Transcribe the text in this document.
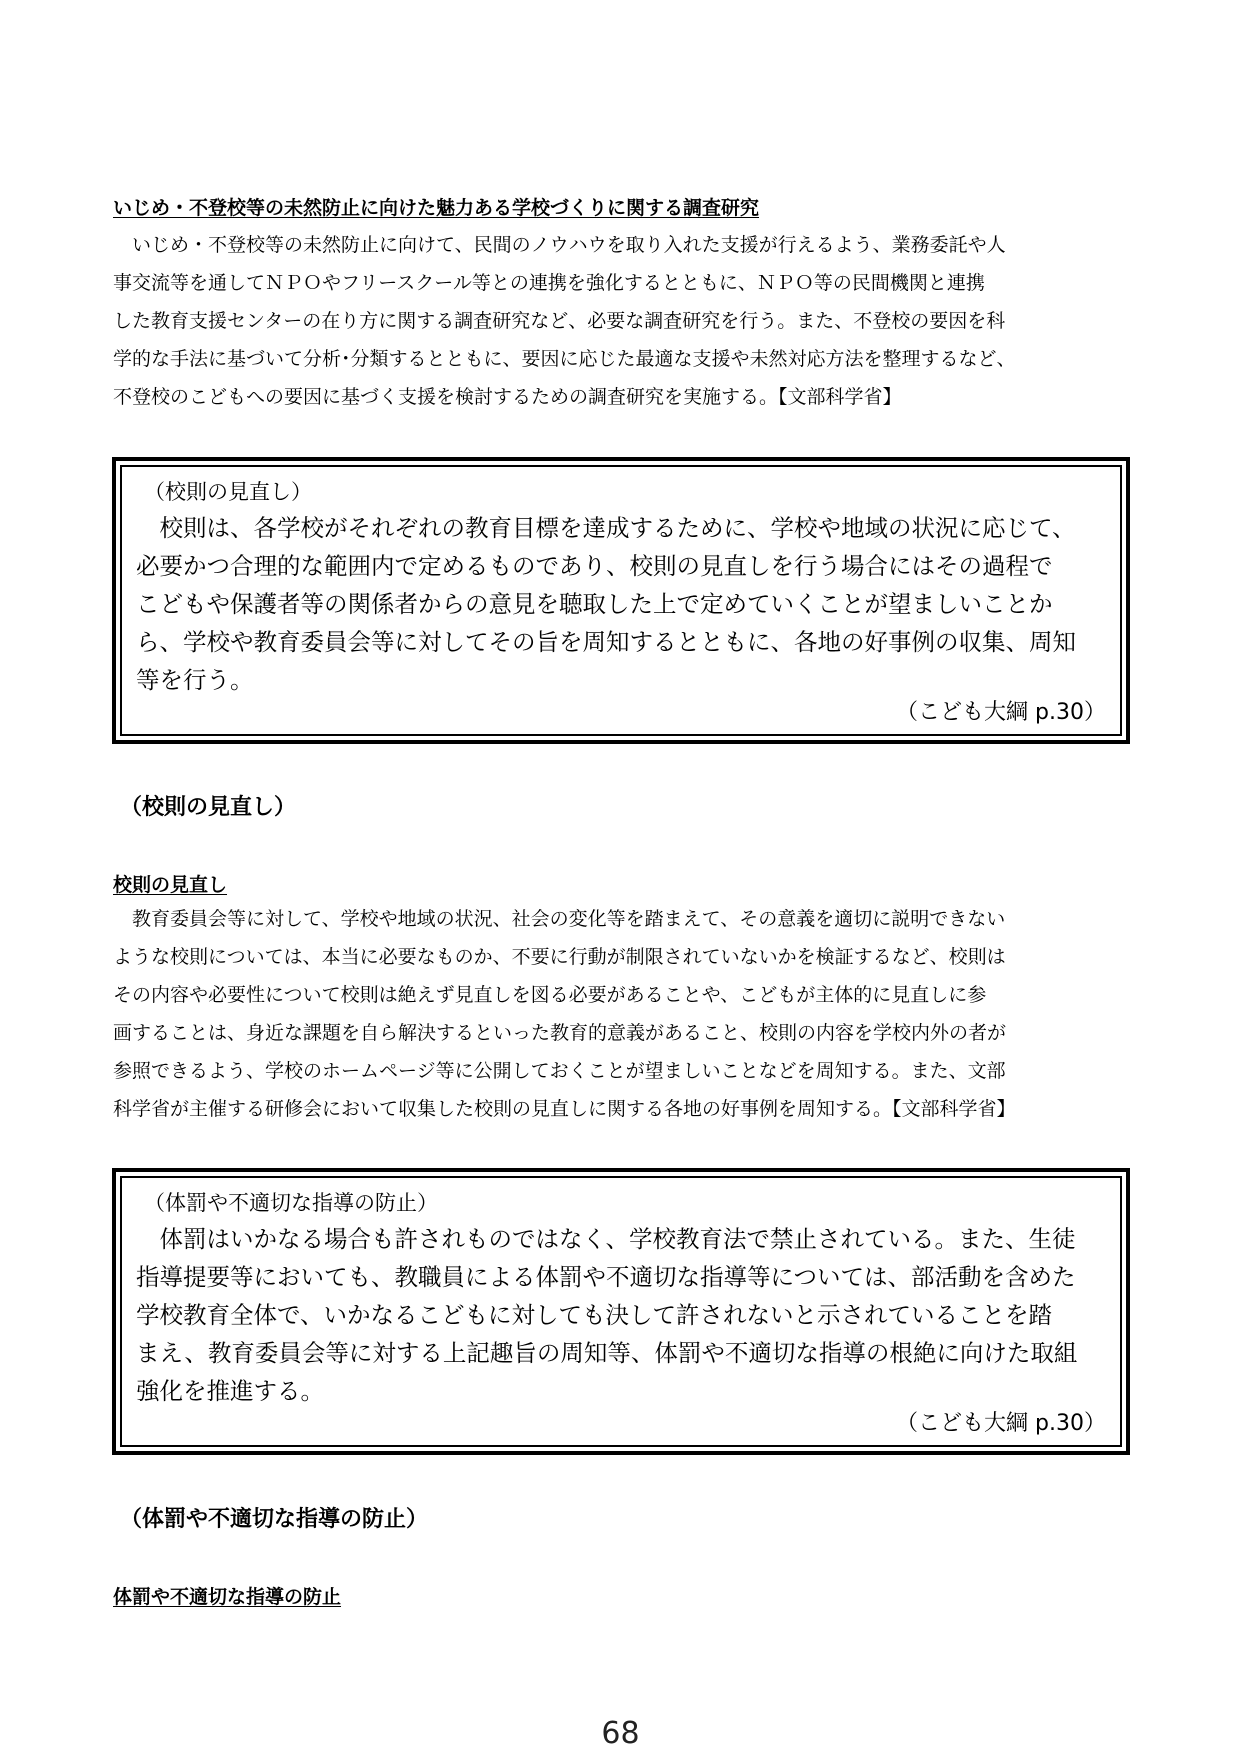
いじめ・不登校等の未然防止に向けた魅力ある学校づくりに関する調査研究

　いじめ・不登校等の未然防止に向けて、民間のノウハウを取り入れた支援が行えるよう、業務委託や人
事交流等を通してＮＰＯやフリースクール等との連携を強化するとともに、ＮＰＯ等の民間機関と連携
した教育支援センターの在り方に関する調査研究など、必要な調査研究を行う。また、不登校の要因を科
学的な手法に基づいて分析･分類するとともに、要因に応じた最適な支援や未然対応方法を整理するなど、
不登校のこどもへの要因に基づく支援を検討するための調査研究を実施する。【文部科学省】

（校則の見直し）
　校則は、各学校がそれぞれの教育目標を達成するために、学校や地域の状況に応じて、
必要かつ合理的な範囲内で定めるものであり、校則の見直しを行う場合にはその過程で
こどもや保護者等の関係者からの意見を聴取した上で定めていくことが望ましいことか
ら、学校や教育委員会等に対してその旨を周知するとともに、各地の好事例の収集、周知
等を行う。
（こども大綱 p.30）
（校則の見直し）
校則の見直し

　教育委員会等に対して、学校や地域の状況、社会の変化等を踏まえて、その意義を適切に説明できない
ような校則については、本当に必要なものか、不要に行動が制限されていないかを検証するなど、校則は
その内容や必要性について校則は絶えず見直しを図る必要があることや、こどもが主体的に見直しに参
画することは、身近な課題を自ら解決するといった教育的意義があること、校則の内容を学校内外の者が
参照できるよう、学校のホームページ等に公開しておくことが望ましいことなどを周知する。また、文部
科学省が主催する研修会において収集した校則の見直しに関する各地の好事例を周知する。【文部科学省】

（体罰や不適切な指導の防止）
　体罰はいかなる場合も許されものではなく、学校教育法で禁止されている。また、生徒
指導提要等においても、教職員による体罰や不適切な指導等については、部活動を含めた
学校教育全体で、いかなるこどもに対しても決して許されないと示されていることを踏
まえ、教育委員会等に対する上記趣旨の周知等、体罰や不適切な指導の根絶に向けた取組
強化を推進する。
（こども大綱 p.30）
（体罰や不適切な指導の防止）
体罰や不適切な指導の防止
68
